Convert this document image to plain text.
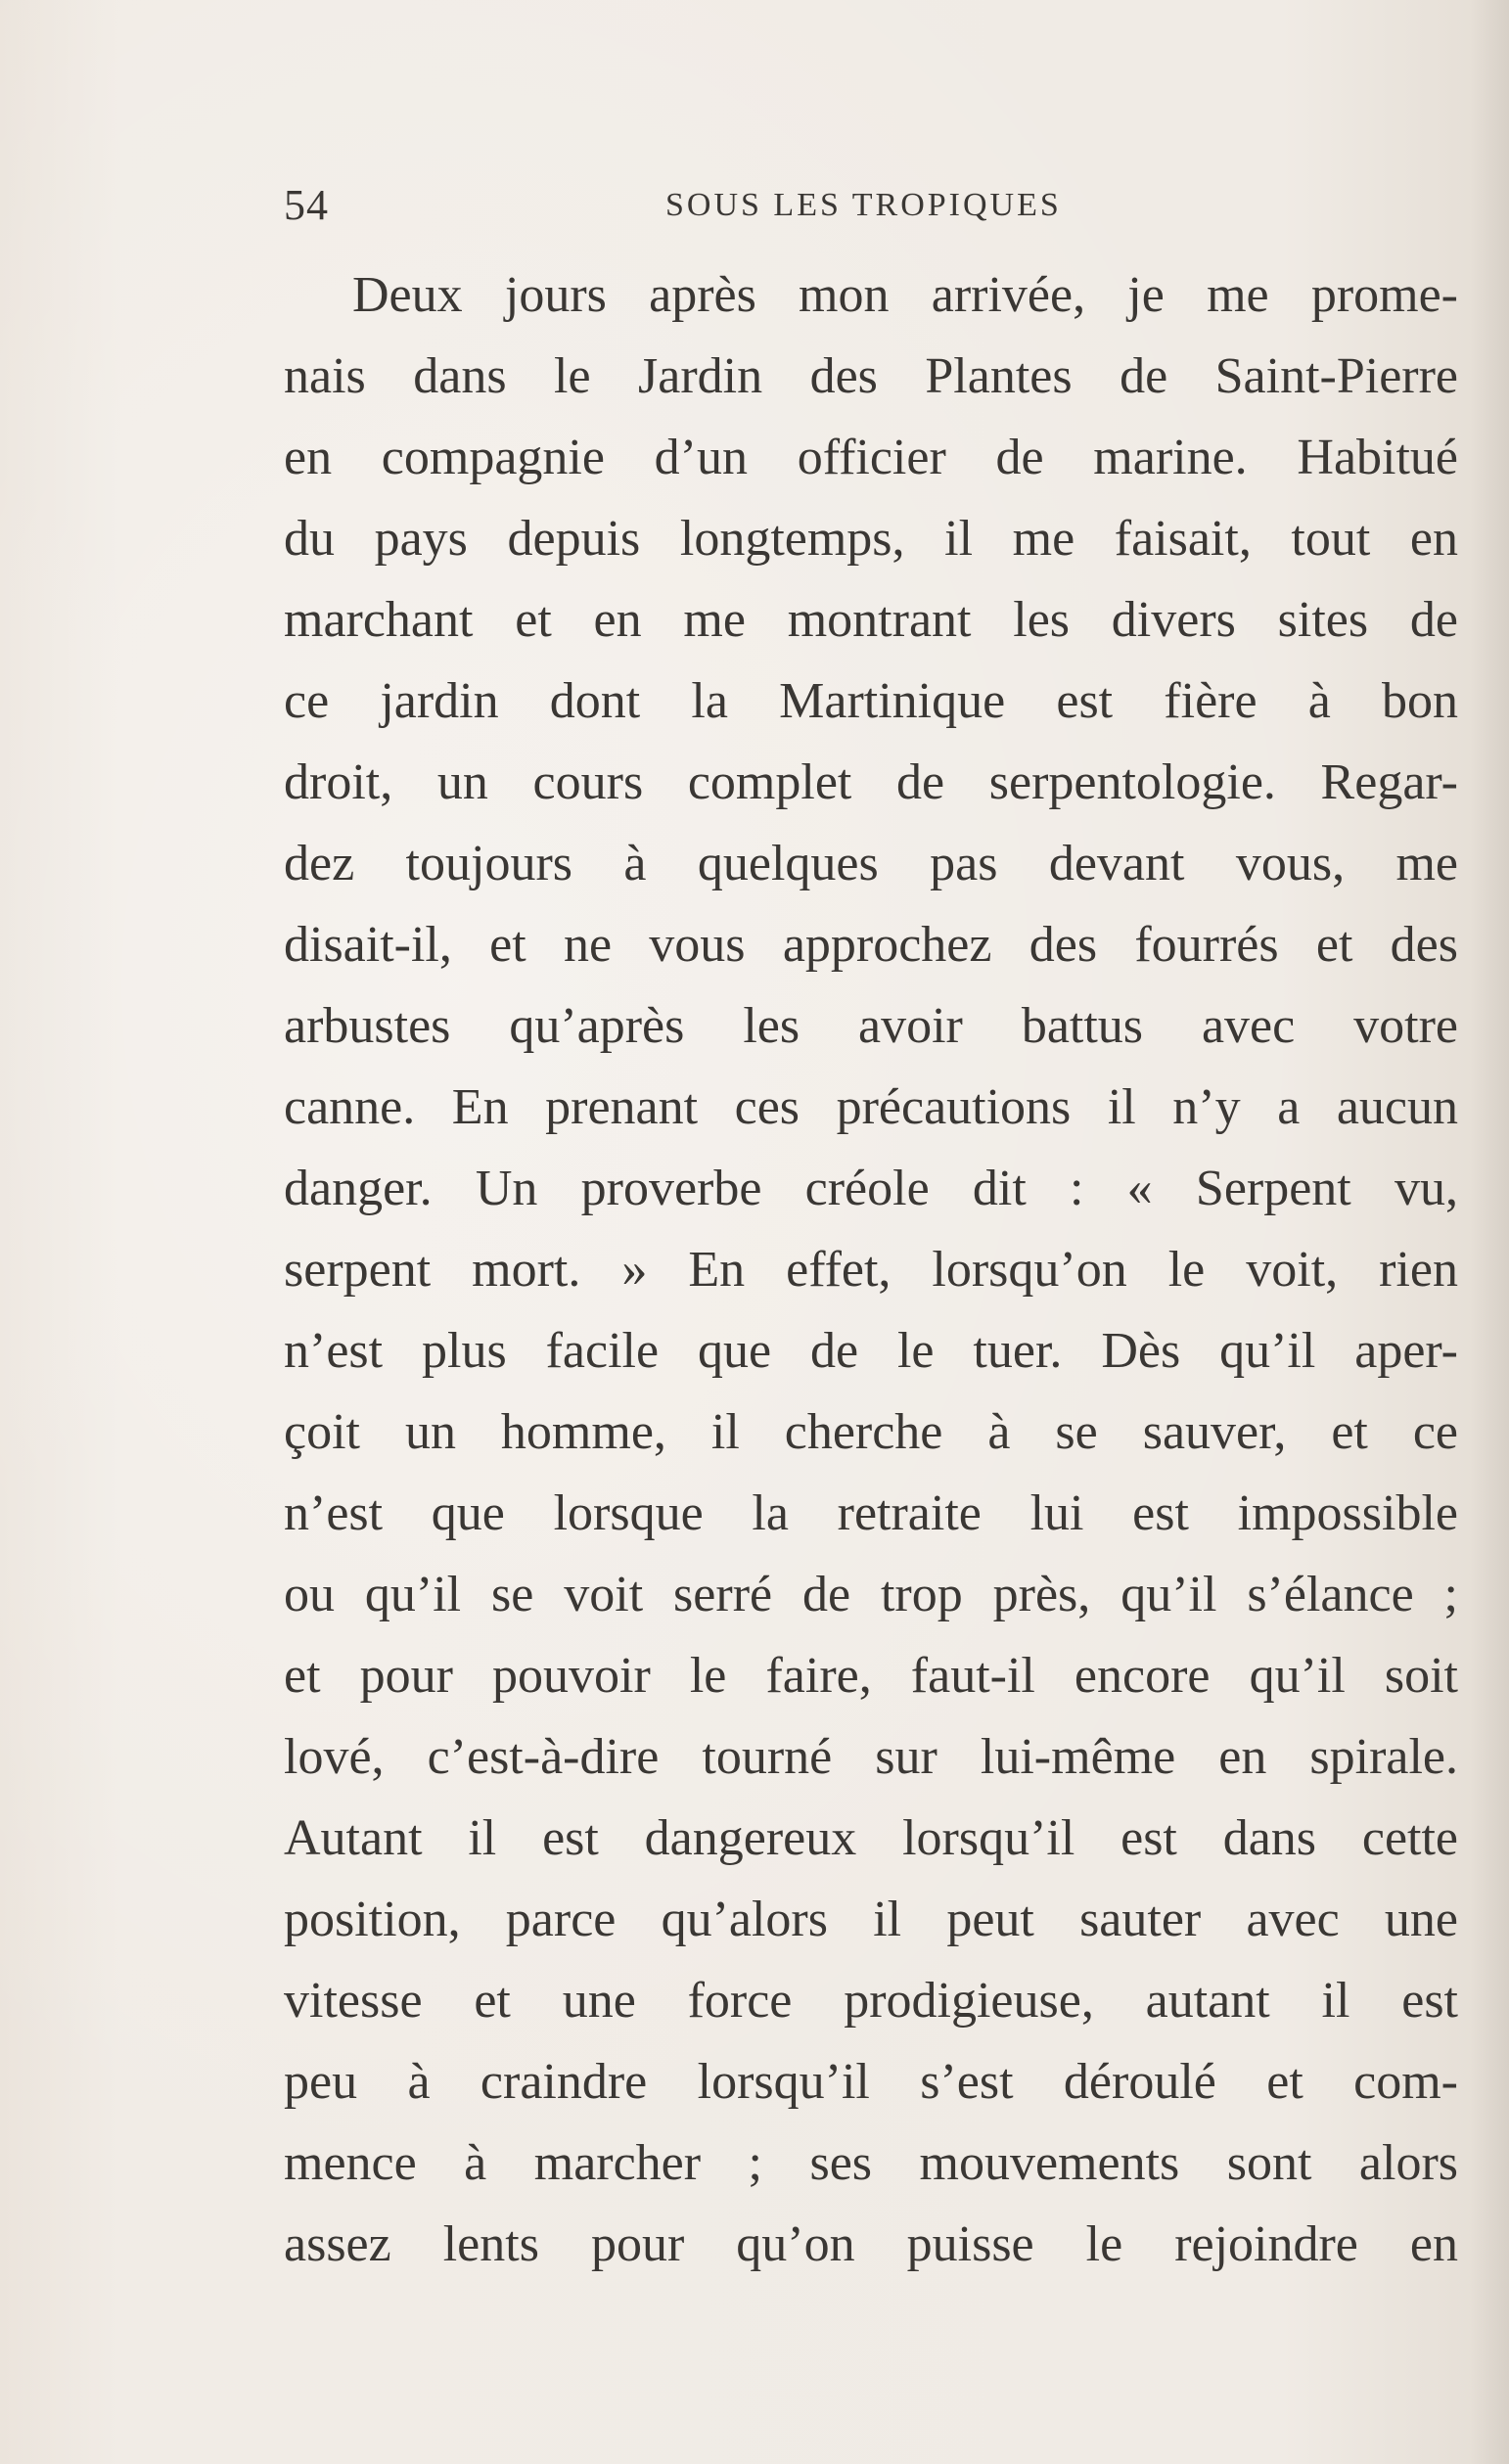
54	SOUS LES TROPIQUES
Deux jours après mon arrivée, je me prome-
nais dans le Jardin des Plantes de Saint-Pierre
en compagnie d’un officier de marine. Habitué
du pays depuis longtemps, il me faisait, tout en
marchant et en me montrant les divers sites de
ce jardin dont la Martinique est fière à bon
droit, un cours complet de serpentologie. Regar-
dez toujours à quelques pas devant vous, me
disait-il, et ne vous approchez des fourrés et des
arbustes qu’après les avoir battus avec votre
canne. En prenant ces précautions il n’y a aucun
danger. Un proverbe créole dit : « Serpent vu,
serpent mort. » En effet, lorsqu’on le voit, rien
n’est plus facile que de le tuer. Dès qu’il aper-
çoit un homme, il cherche à se sauver, et ce
n’est que lorsque la retraite lui est impossible
ou qu’il se voit serré de trop près, qu’il s’élance ;
et pour pouvoir le faire, faut-il encore qu’il soit
lové, c’est-à-dire tourné sur lui-même en spirale.
Autant il est dangereux lorsqu’il est dans cette
position, parce qu’alors il peut sauter avec une
vitesse et une force prodigieuse, autant il est
peu à craindre lorsqu’il s’est déroulé et com-
mence à marcher ; ses mouvements sont alors
assez lents pour qu’on puisse le rejoindre en
